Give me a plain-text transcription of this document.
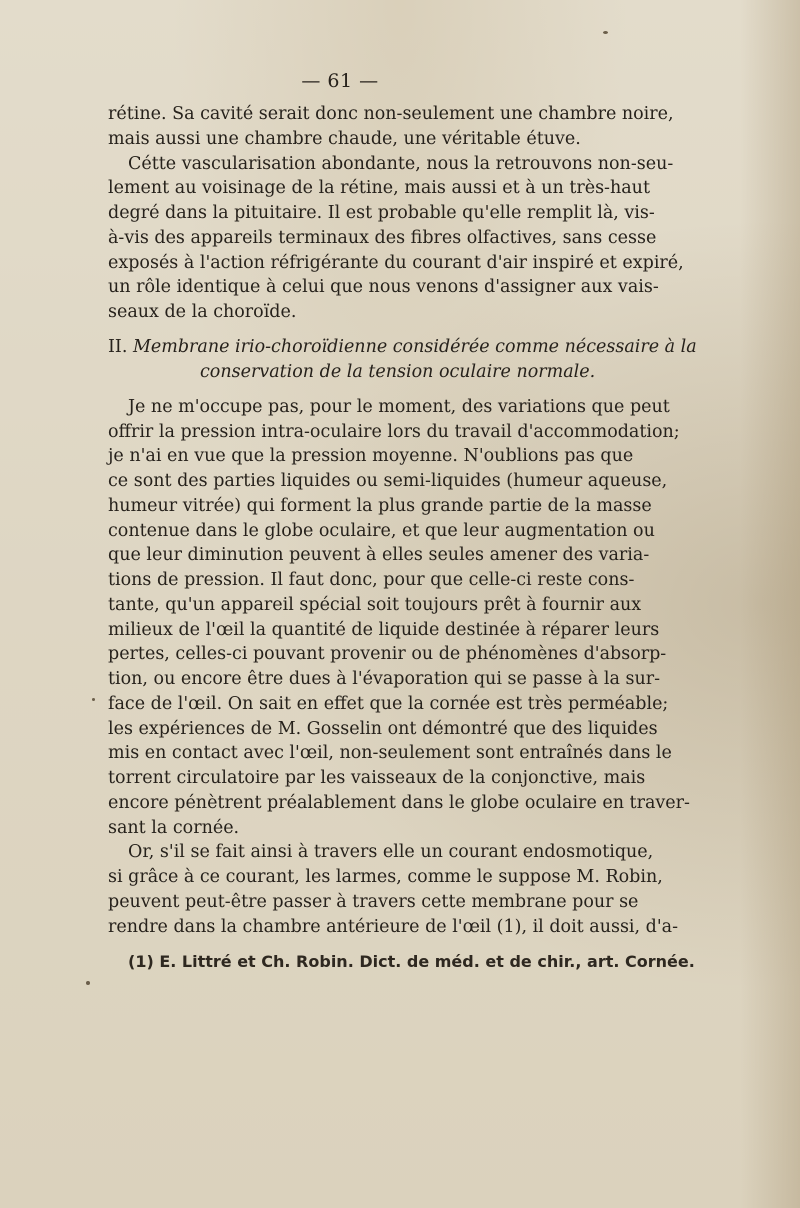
— 61 —
rétine. Sa cavité serait donc non-seulement une chambre noire,
mais aussi une chambre chaude, une véritable étuve.
Cétte vascularisation abondante, nous la retrouvons non-seu-
lement au voisinage de la rétine, mais aussi et à un très-haut
degré dans la pituitaire. Il est probable qu'elle remplit là, vis-
à-vis des appareils terminaux des fibres olfactives, sans cesse
exposés à l'action réfrigérante du courant d'air inspiré et expiré,
un rôle identique à celui que nous venons d'assigner aux vais-
seaux de la choroïde.
II. Membrane irio-choroïdienne considérée comme nécessaire à la
conservation de la tension oculaire normale.
Je ne m'occupe pas, pour le moment, des variations que peut
offrir la pression intra-oculaire lors du travail d'accommodation;
je n'ai en vue que la pression moyenne. N'oublions pas que
ce sont des parties liquides ou semi-liquides (humeur aqueuse,
humeur vitrée) qui forment la plus grande partie de la masse
contenue dans le globe oculaire, et que leur augmentation ou
que leur diminution peuvent à elles seules amener des varia-
tions de pression. Il faut donc, pour que celle-ci reste cons-
tante, qu'un appareil spécial soit toujours prêt à fournir aux
milieux de l'œil la quantité de liquide destinée à réparer leurs
pertes, celles-ci pouvant provenir ou de phénomènes d'absorp-
tion, ou encore être dues à l'évaporation qui se passe à la sur-
face de l'œil. On sait en effet que la cornée est très perméable;
les expériences de M. Gosselin ont démontré que des liquides
mis en contact avec l'œil, non-seulement sont entraînés dans le
torrent circulatoire par les vaisseaux de la conjonctive, mais
encore pénètrent préalablement dans le globe oculaire en traver-
sant la cornée.
Or, s'il se fait ainsi à travers elle un courant endosmotique,
si grâce à ce courant, les larmes, comme le suppose M. Robin,
peuvent peut-être passer à travers cette membrane pour se
rendre dans la chambre antérieure de l'œil (1), il doit aussi, d'a-
(1) E. Littré et Ch. Robin. Dict. de méd. et de chir., art. Cornée.
